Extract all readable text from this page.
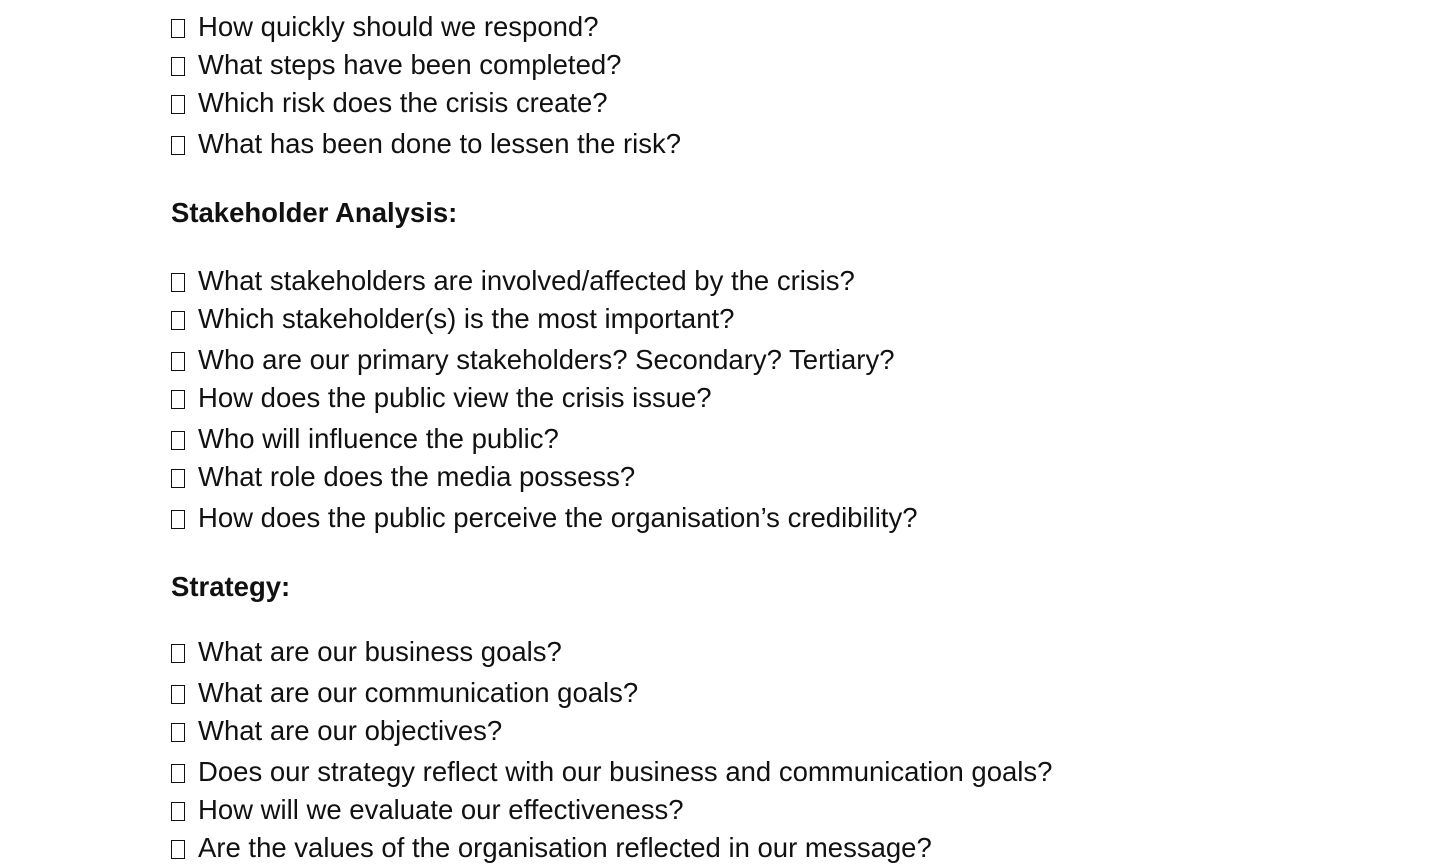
How quickly should we respond?
What steps have been completed?
Which risk does the crisis create?
What has been done to lessen the risk?
Stakeholder Analysis:
What stakeholders are involved/affected by the crisis?
Which stakeholder(s) is the most important?
Who are our primary stakeholders? Secondary? Tertiary?
How does the public view the crisis issue?
Who will influence the public?
What role does the media possess?
How does the public perceive the organisation’s credibility?
Strategy:
What are our business goals?
What are our communication goals?
What are our objectives?
Does our strategy reflect with our business and communication goals?
How will we evaluate our effectiveness?
Are the values of the organisation reflected in our message?
